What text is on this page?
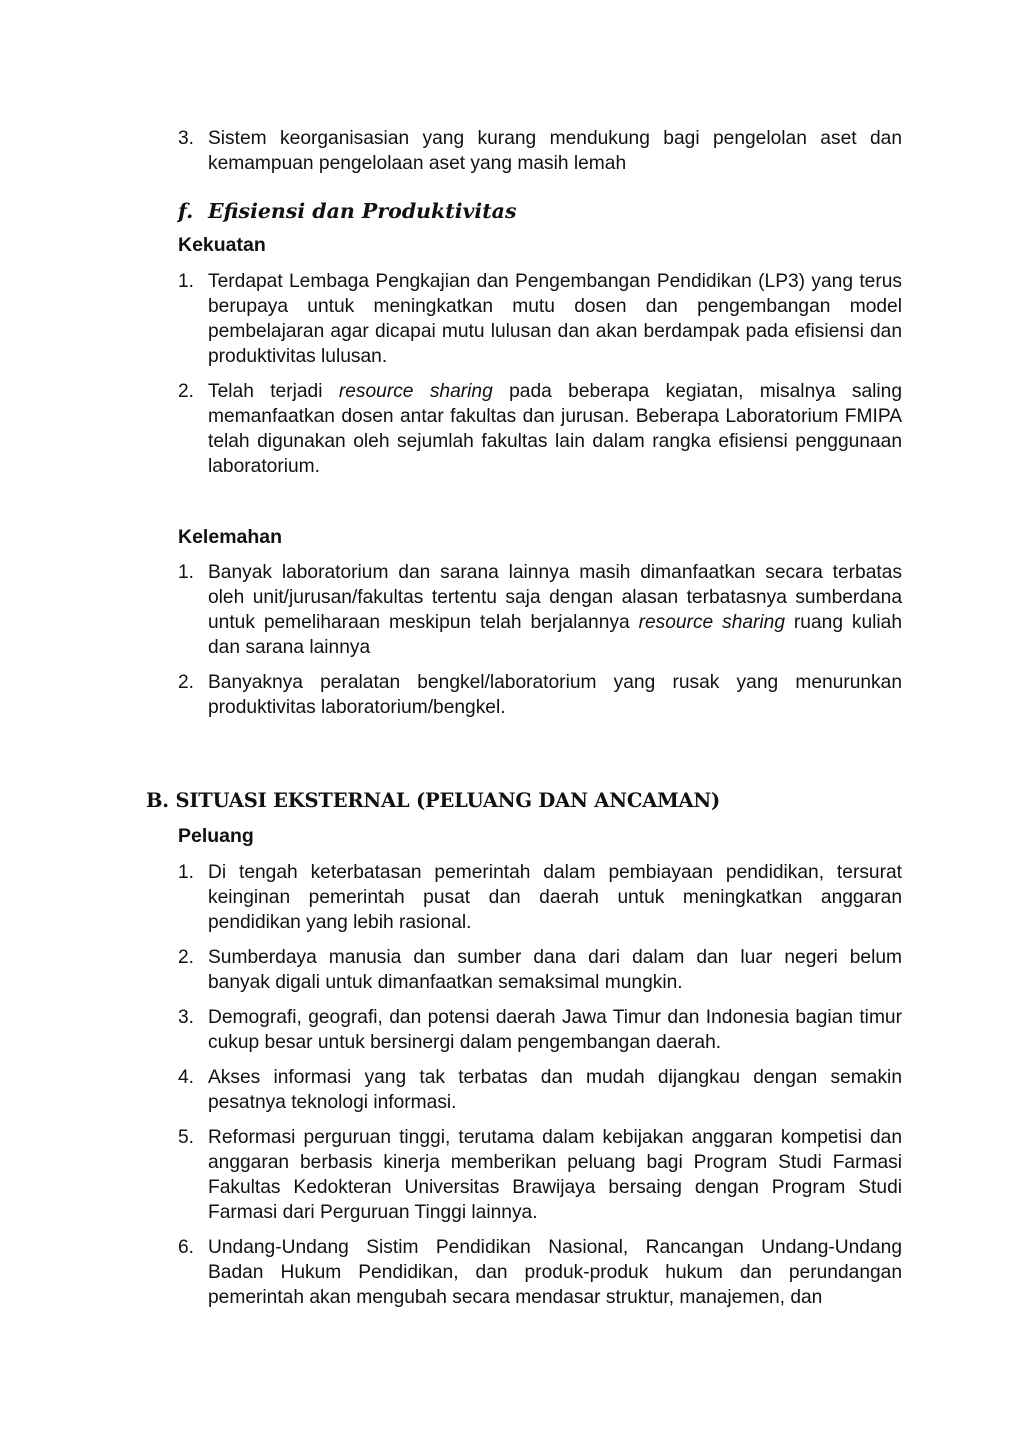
3. Sistem keorganisasian yang kurang mendukung bagi pengelolan aset dan kemampuan pengelolaan aset yang masih lemah
f. Efisiensi dan Produktivitas
Kekuatan
1. Terdapat Lembaga Pengkajian dan Pengembangan Pendidikan (LP3) yang terus berupaya untuk meningkatkan mutu dosen dan pengembangan model pembelajaran agar dicapai mutu lulusan dan akan berdampak pada efisiensi dan produktivitas lulusan.
2. Telah terjadi resource sharing pada beberapa kegiatan, misalnya saling memanfaatkan dosen antar fakultas dan jurusan. Beberapa Laboratorium FMIPA telah digunakan oleh sejumlah fakultas lain dalam rangka efisiensi penggunaan laboratorium.
Kelemahan
1. Banyak laboratorium dan sarana lainnya masih dimanfaatkan secara terbatas oleh unit/jurusan/fakultas tertentu saja dengan alasan terbatasnya sumberdana untuk pemeliharaan meskipun telah berjalannya resource sharing ruang kuliah dan sarana lainnya
2. Banyaknya peralatan bengkel/laboratorium yang rusak yang menurunkan produktivitas laboratorium/bengkel.
B. SITUASI EKSTERNAL (PELUANG DAN ANCAMAN)
Peluang
1. Di tengah keterbatasan pemerintah dalam pembiayaan pendidikan, tersurat keinginan pemerintah pusat dan daerah untuk meningkatkan anggaran pendidikan yang lebih rasional.
2. Sumberdaya manusia dan sumber dana dari dalam dan luar negeri belum banyak digali untuk dimanfaatkan semaksimal mungkin.
3. Demografi, geografi, dan potensi daerah Jawa Timur dan Indonesia bagian timur cukup besar untuk bersinergi dalam pengembangan daerah.
4. Akses informasi yang tak terbatas dan mudah dijangkau dengan semakin pesatnya teknologi informasi.
5. Reformasi perguruan tinggi, terutama dalam kebijakan anggaran kompetisi dan anggaran berbasis kinerja memberikan peluang bagi Program Studi Farmasi Fakultas Kedokteran Universitas Brawijaya bersaing dengan Program Studi Farmasi dari Perguruan Tinggi lainnya.
6. Undang-Undang Sistim Pendidikan Nasional, Rancangan Undang-Undang Badan Hukum Pendidikan, dan produk-produk hukum dan perundangan pemerintah akan mengubah secara mendasar struktur, manajemen, dan
